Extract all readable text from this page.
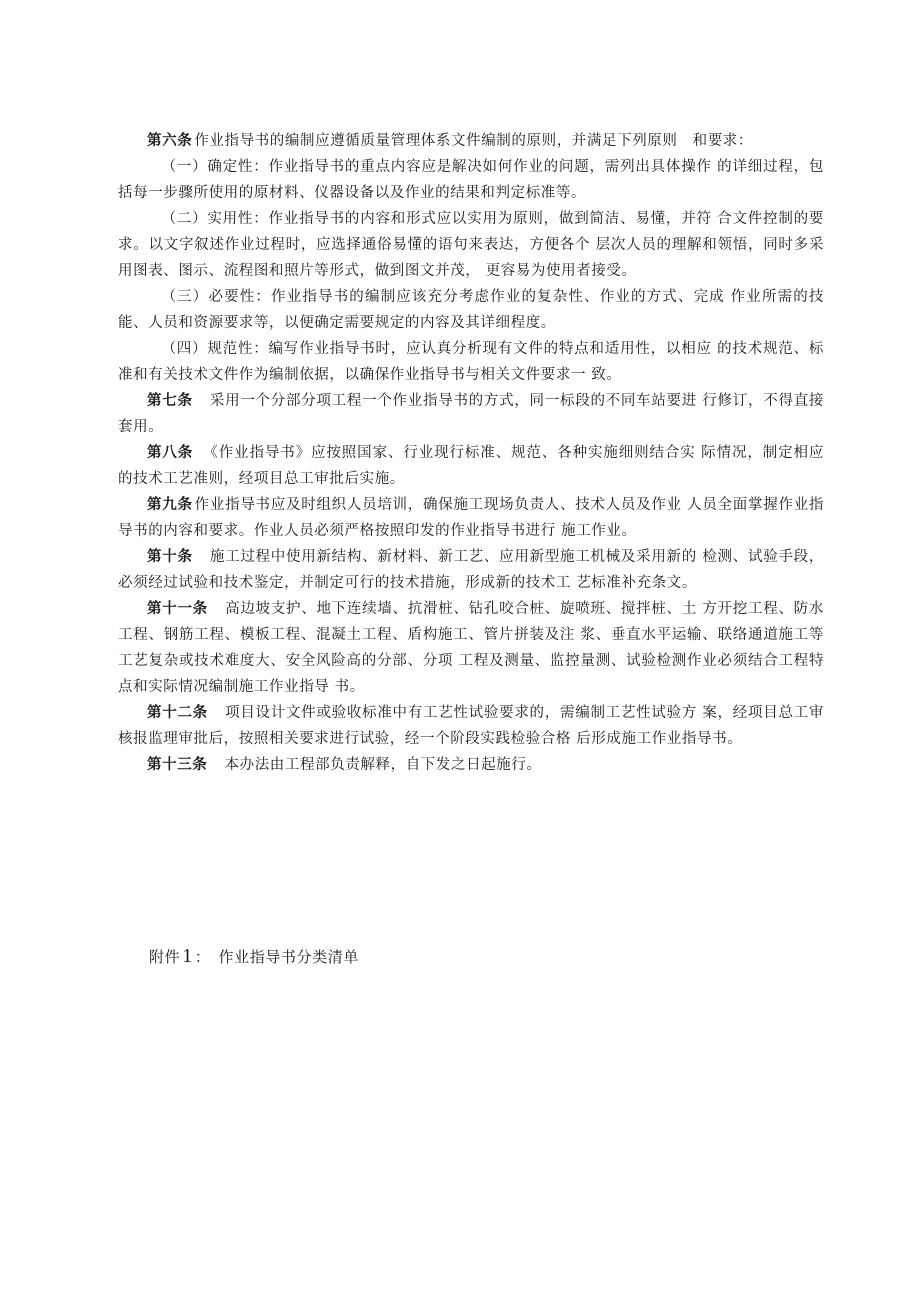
第六条 作业指导书的编制应遵循质量管理体系文件编制的原则，并满足下列原则　和要求：

（一）确定性：作业指导书的重点内容应是解决如何作业的问题，需列出具体操作 的详细过程，包括每一步骤所使用的原材料、仪器设备以及作业的结果和判定标准等。

（二）实用性：作业指导书的内容和形式应以实用为原则，做到简洁、易懂，并符 合文件控制的要求。以文字叙述作业过程时，应选择通俗易懂的语句来表达，方便各个 层次人员的理解和领悟，同时多采用图表、图示、流程图和照片等形式，做到图文并茂， 更容易为使用者接受。

（三）必要性：作业指导书的编制应该充分考虑作业的复杂性、作业的方式、完成 作业所需的技能、人员和资源要求等，以便确定需要规定的内容及其详细程度。

（四）规范性：编写作业指导书时，应认真分析现有文件的特点和适用性，以相应 的技术规范、标准和有关技术文件作为编制依据，以确保作业指导书与相关文件要求一 致。

第七条　采用一个分部分项工程一个作业指导书的方式，同一标段的不同车站要进 行修订，不得直接套用。

第八条　《作业指导书》应按照国家、行业现行标准、规范、各种实施细则结合实 际情况，制定相应的技术工艺准则，经项目总工审批后实施。

第九条 作业指导书应及时组织人员培训，确保施工现场负责人、技术人员及作业 人员全面掌握作业指导书的内容和要求。作业人员必须严格按照印发的作业指导书进行 施工作业。

第十条　施工过程中使用新结构、新材料、新工艺、应用新型施工机械及采用新的 检测、试验手段，必须经过试验和技术鉴定，并制定可行的技术措施，形成新的技术工 艺标准补充条文。

第十一条　高边坡支护、地下连续墙、抗滑桩、钻孔咬合桩、旋喷班、搅拌桩、土 方开挖工程、防水工程、钢筋工程、模板工程、混凝土工程、盾构施工、管片拼装及注 浆、垂直水平运输、联络通道施工等工艺复杂或技术难度大、安全风险高的分部、分项 工程及测量、监控量测、试验检测作业必须结合工程特点和实际情况编制施工作业指导 书。

第十二条　项目设计文件或验收标准中有工艺性试验要求的，需编制工艺性试验方 案，经项目总工审核报监理审批后，按照相关要求进行试验，经一个阶段实践检验合格 后形成施工作业指导书。

第十三条　本办法由工程部负责解释，自下发之日起施行。

附件 1 ：　作业指导书分类清单
